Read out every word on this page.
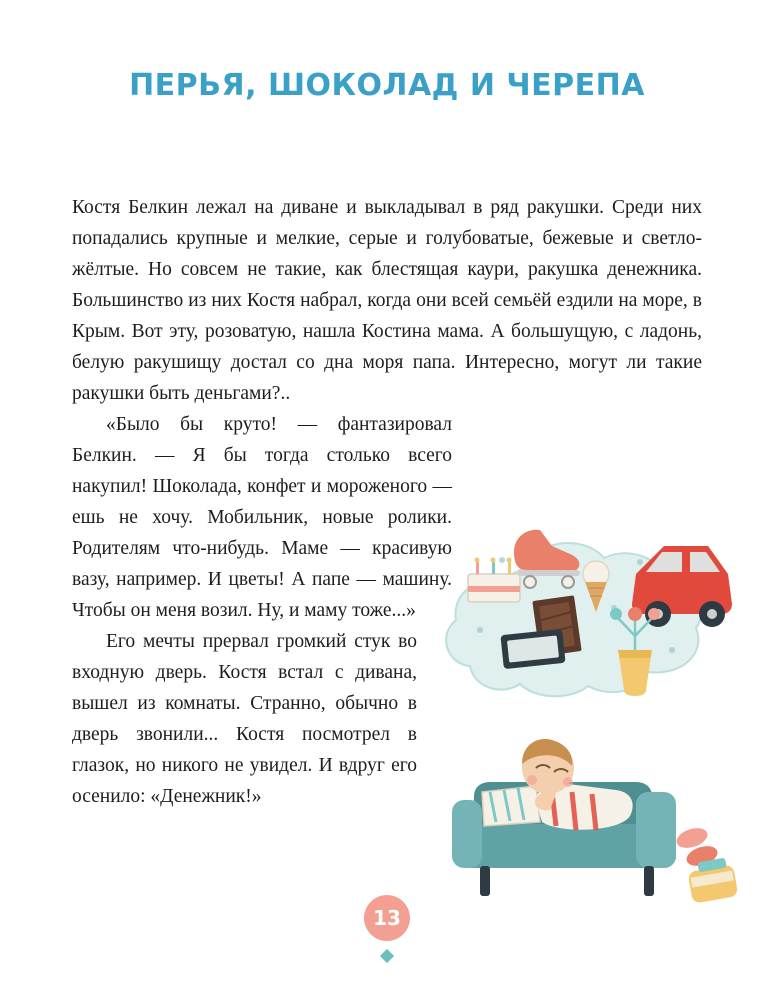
ПЕРЬЯ, ШОКОЛАД И ЧЕРЕПА

Костя Белкин лежал на диване и выкладывал в ряд ракушки. Среди них попадались крупные и мелкие, серые и голубоватые, бежевые и светло-жёлтые. Но совсем не такие, как блестящая каури, ракушка денежника. Большинство из них Костя набрал, когда они всей семьёй ездили на море, в Крым. Вот эту, розоватую, нашла Костина мама. А большущую, с ладонь, белую ракушищу достал со дна моря папа. Интересно, могут ли такие ракушки быть деньгами?..

«Было бы круто! — фантазировал Белкин. — Я бы тогда столько всего накупил! Шоколада, конфет и мороженого — ешь не хочу. Мобильник, новые ролики. Родителям что-нибудь. Маме — красивую вазу, например. И цветы! А папе — машину. Чтобы он меня возил. Ну, и маму тоже...»

Его мечты прервал громкий стук во входную дверь. Костя встал с дивана, вышел из комнаты. Странно, обычно в дверь звонили... Костя посмотрел в глазок, но никого не увидел. И вдруг его осенило: «Денежник!»

13
